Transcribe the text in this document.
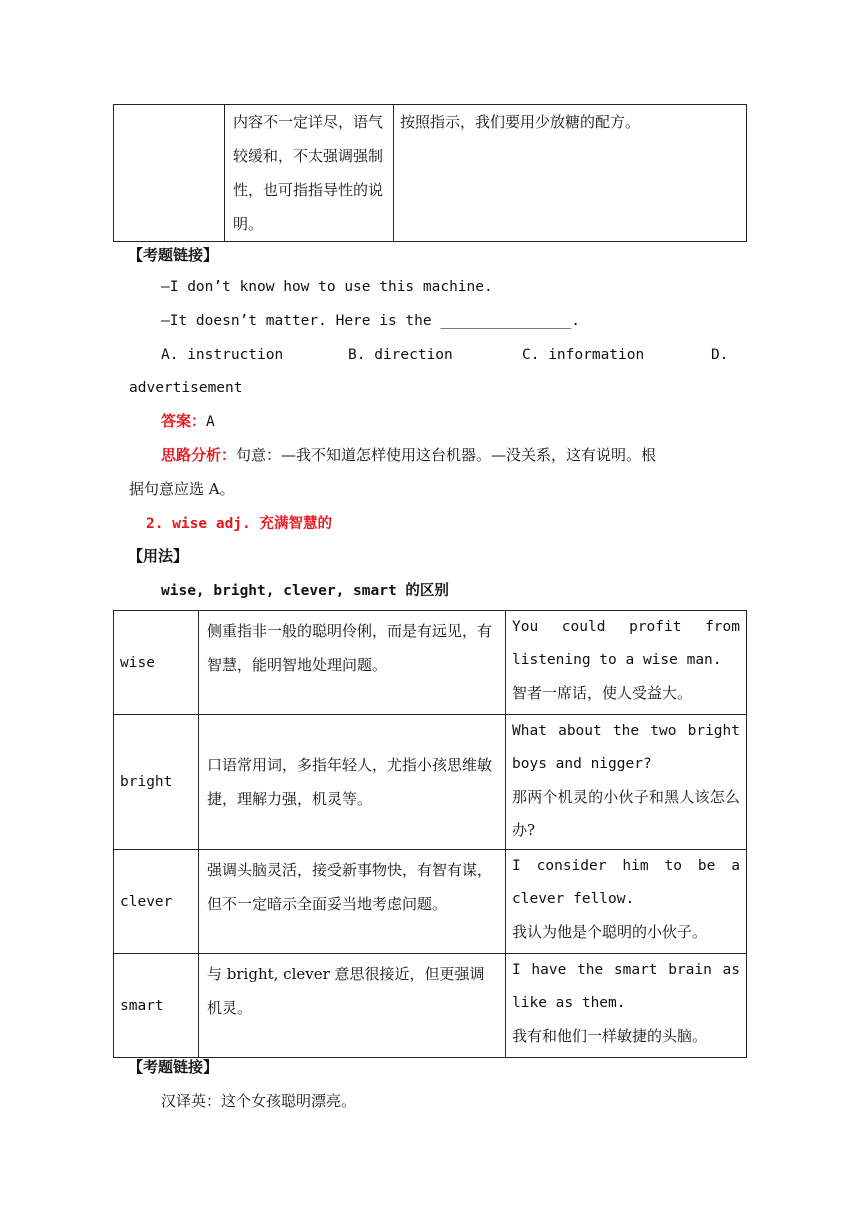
	内容不一定详尽，语气较缓和，不太强调强制性，也可指指导性的说明。	按照指示，我们要用少放糖的配方。
【考题链接】
—I don’t know how to use this machine.
—It doesn’t matter. Here is the _______________.
A. instruction	B. direction	C. information	D.
advertisement
答案：A
思路分析：句意：—我不知道怎样使用这台机器。—没关系，这有说明。根
据句意应选 A。
2. wise adj. 充满智慧的
【用法】
wise, bright, clever, smart 的区别
wise	侧重指非一般的聪明伶俐，而是有远见，有智慧，能明智地处理问题。	You could profit from listening to a wise man.
智者一席话，使人受益大。

bright	口语常用词，多指年轻人，尤指小孩思维敏捷，理解力强，机灵等。	What about the two bright boys and nigger?
那两个机灵的小伙子和黑人该怎么办?

clever	强调头脑灵活，接受新事物快，有智有谋，但不一定暗示全面妥当地考虑问题。	I consider him to be a clever fellow.
我认为他是个聪明的小伙子。

smart	与 bright, clever 意思很接近，但更强调机灵。	I have the smart brain as like as them.
我有和他们一样敏捷的头脑。
【考题链接】
汉译英：这个女孩聪明漂亮。
